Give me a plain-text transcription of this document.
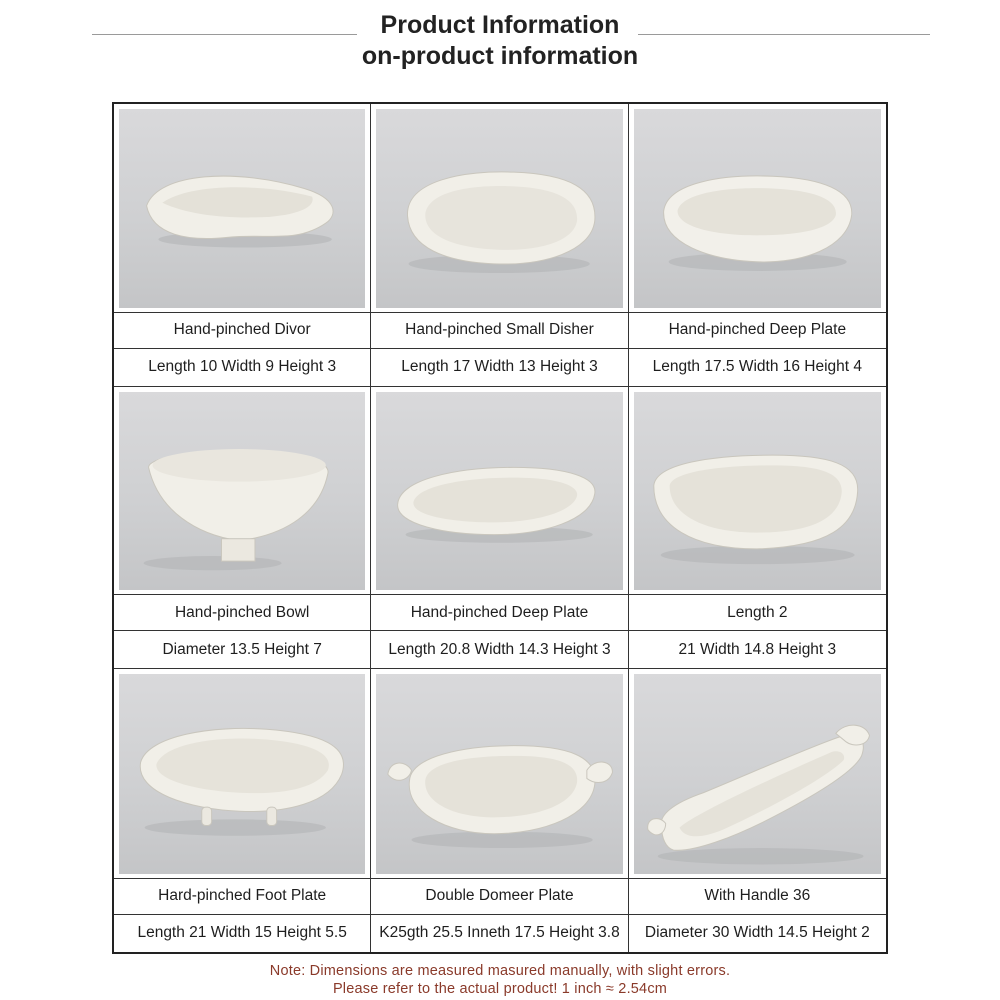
Product Information
on-product information
Hand-pinched Divor
Length 10 Width 9 Height 3
Hand-pinched Small Disher
Length 17 Width 13 Height 3
Hand-pinched Deep Plate
Length 17.5 Width 16 Height 4
Hand-pinched Bowl
Diameter 13.5 Height 7
Hand-pinched Deep Plate
Length 20.8 Width 14.3 Height 3
Length 2
21 Width 14.8 Height 3
Hard-pinched Foot Plate
Length 21 Width 15 Height 5.5
Double Domeer Plate
K25gth 25.5 Inneth 17.5 Height 3.8
With Handle 36
Diameter 30 Width 14.5 Height 2
Note: Dimensions are measured masured manually, with slight errors.
Please refer to the actual product! 1 inch ≈ 2.54cm
